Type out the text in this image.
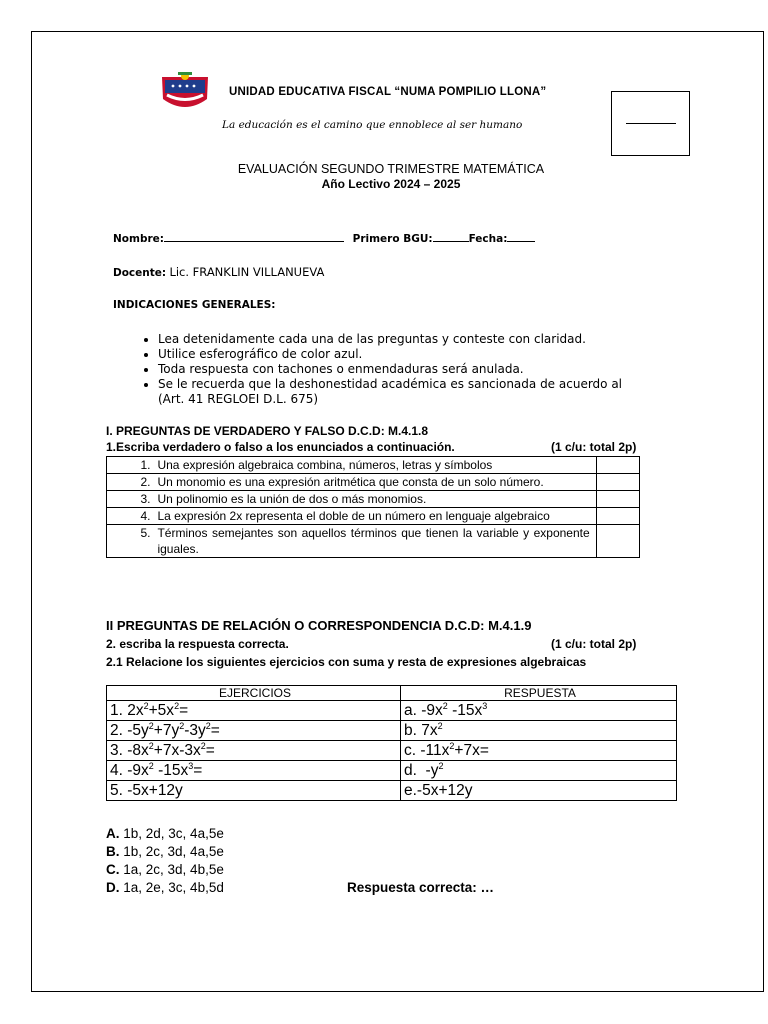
UNIDAD EDUCATIVA FISCAL “NUMA POMPILIO LLONA”
La educación es el camino que ennoblece al ser humano
EVALUACIÓN SEGUNDO TRIMESTRE MATEMÁTICA
Año Lectivo 2024 – 2025
Nombre:	Primero BGU:	Fecha:
Docente: Lic. FRANKLIN VILLANUEVA
INDICACIONES GENERALES:
• Lea detenidamente cada una de las preguntas y conteste con claridad.
• Utilice esferográfico de color azul.
• Toda respuesta con tachones o enmendaduras será anulada.
• Se le recuerda que la deshonestidad académica es sancionada de acuerdo al
(Art. 41 REGLOEI D.L. 675)
I. PREGUNTAS DE VERDADERO Y FALSO D.C.D: M.4.1.8
1.Escriba verdadero o falso a los enunciados a continuación.	(1 c/u: total 2p)
1.	Una expresión algebraica combina, números, letras y símbolos	
2.	Un monomio es una expresión aritmética que consta de un solo número.	
3.	Un polinomio es la unión de dos o más monomios.	
4.	La expresión 2x representa el doble de un número en lenguaje algebraico	
5.	Términos semejantes son aquellos términos que tienen la variable y exponente iguales.	
II PREGUNTAS DE RELACIÓN O CORRESPONDENCIA D.C.D: M.4.1.9
2. escriba la respuesta correcta.	(1 c/u: total 2p)
2.1 Relacione los siguientes ejercicios con suma y resta de expresiones algebraicas
EJERCICIOS	RESPUESTA
1. $2x^2+5x^2=$	a. $-9x^2$ $-15x^3$
2. $-5y^2+7y^2-3y^2=$	b. $7x^2$
3. $-8x^2+7x-3x^2=$	c. $-11x^2+7x=$
4. $-9x^2$ $-15x^3=$	d.  $-y^2$
5. -5x+12y	e.-5x+12y
A. 1b, 2d, 3c, 4a,5e
B. 1b, 2c, 3d, 4a,5e
C. 1a, 2c, 3d, 4b,5e
D. 1a, 2e, 3c, 4b,5d	Respuesta correcta: …
